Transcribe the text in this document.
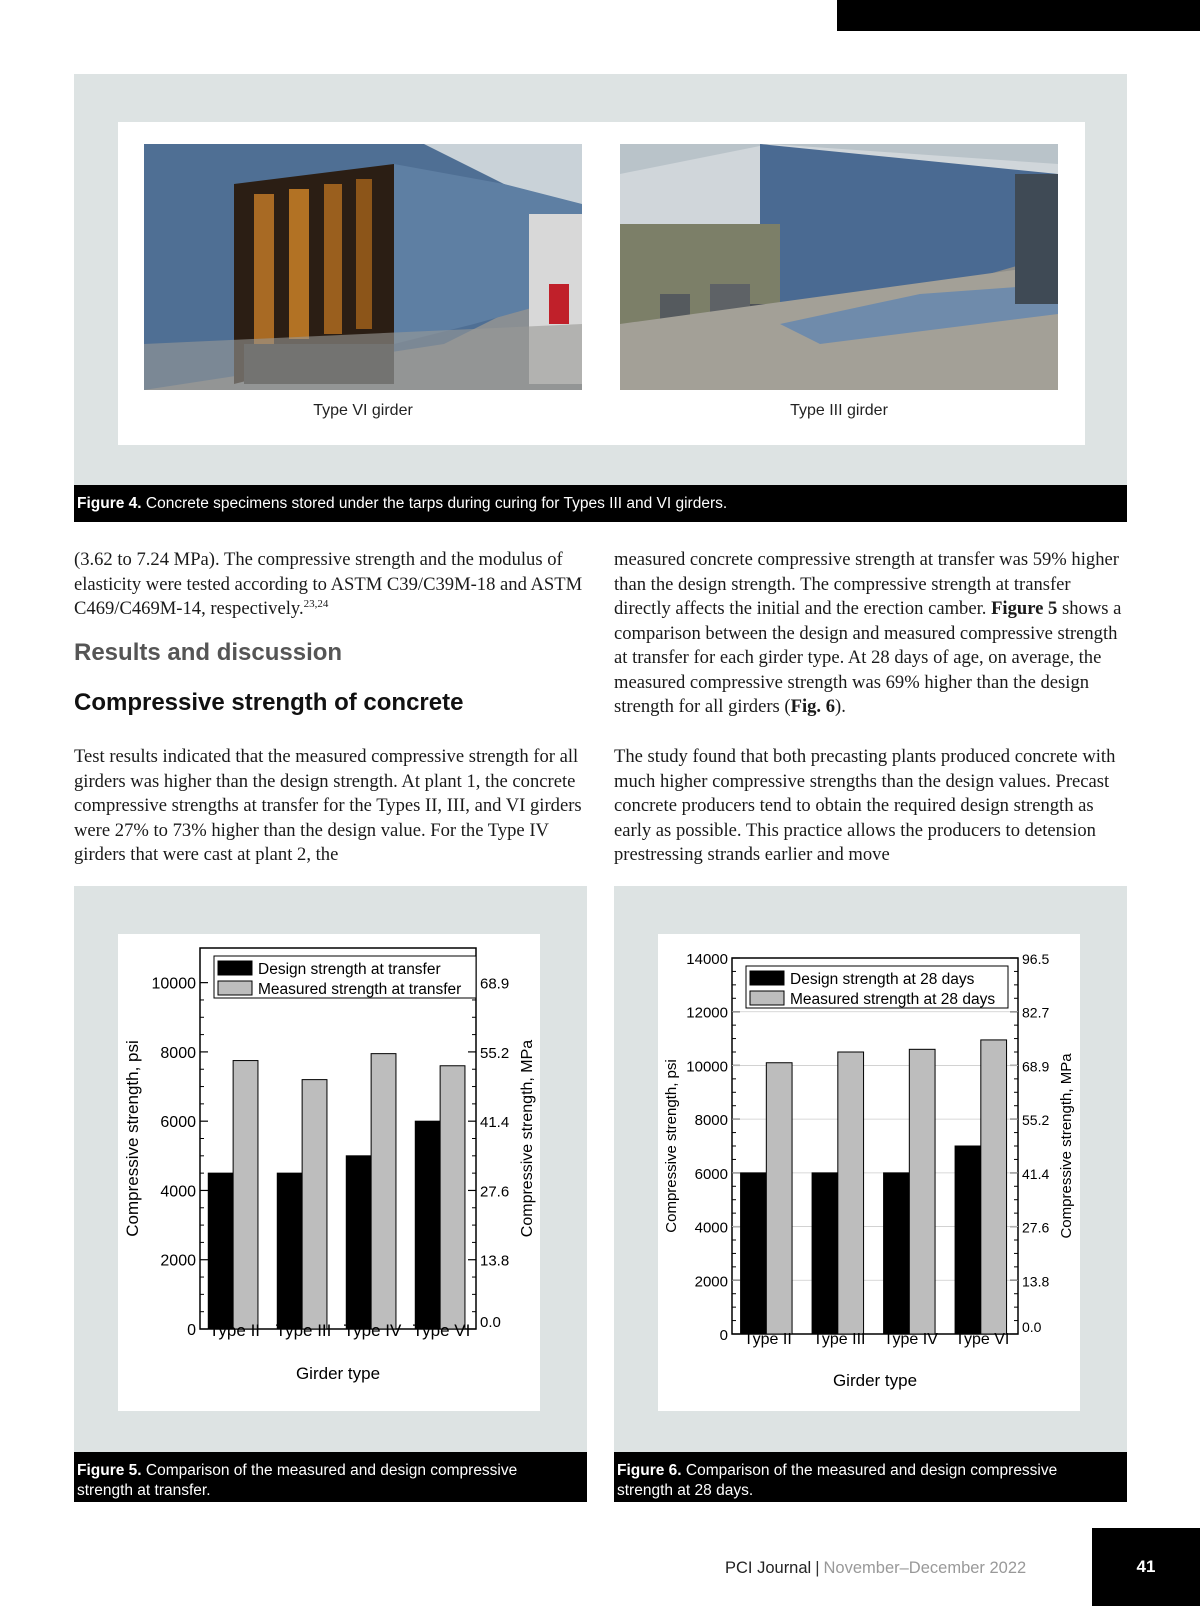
Type VI girder	Type III girder
Figure 4. Concrete specimens stored under the tarps during curing for Types III and VI girders.

(3.62 to 7.24 MPa). The compressive strength and the modulus of elasticity were tested according to ASTM C39/C39M-18 and ASTM C469/C469M-14, respectively.$^{23,24}$

Results and discussion
Compressive strength of concrete

Test results indicated that the measured compressive strength for all girders was higher than the design strength. At plant 1, the concrete compressive strengths at transfer for the Types II, III, and VI girders were 27% to 73% higher than the design value. For the Type IV girders that were cast at plant 2, the

measured concrete compressive strength at transfer was 59% higher than the design strength. The compressive strength at transfer directly affects the initial and the erection camber. Figure 5 shows a comparison between the design and measured compressive strength at transfer for each girder type. At 28 days of age, on average, the measured compressive strength was 69% higher than the design strength for all girders (Fig. 6).

The study found that both precasting plants produced concrete with much higher compressive strengths than the design values. Precast concrete producers tend to obtain the required design strength as early as possible. This practice allows the producers to detension prestressing strands earlier and move

0	0.0
2000	13.8
4000	27.6
6000	41.4
8000	55.2
10000	68.9
Type II Type III Type IV Type VI
Design strength at transfer
Measured strength at transfer
Compressive strength, psi	Compressive strength, MPa
Girder type
Figure 5. Comparison of the measured and design compressive strength at transfer.
0	0.0
2000	13.8
4000	27.6
6000	41.4
8000	55.2
10000	68.9
12000	82.7
14000	96.5
Type II Type III Type IV Type VI
Design strength at 28 days
Measured strength at 28 days
Compressive strength, psi	Compressive strength, MPa
Girder type
Figure 6. Comparison of the measured and design compressive strength at 28 days.
PCI Journal | November–December 2022	41
